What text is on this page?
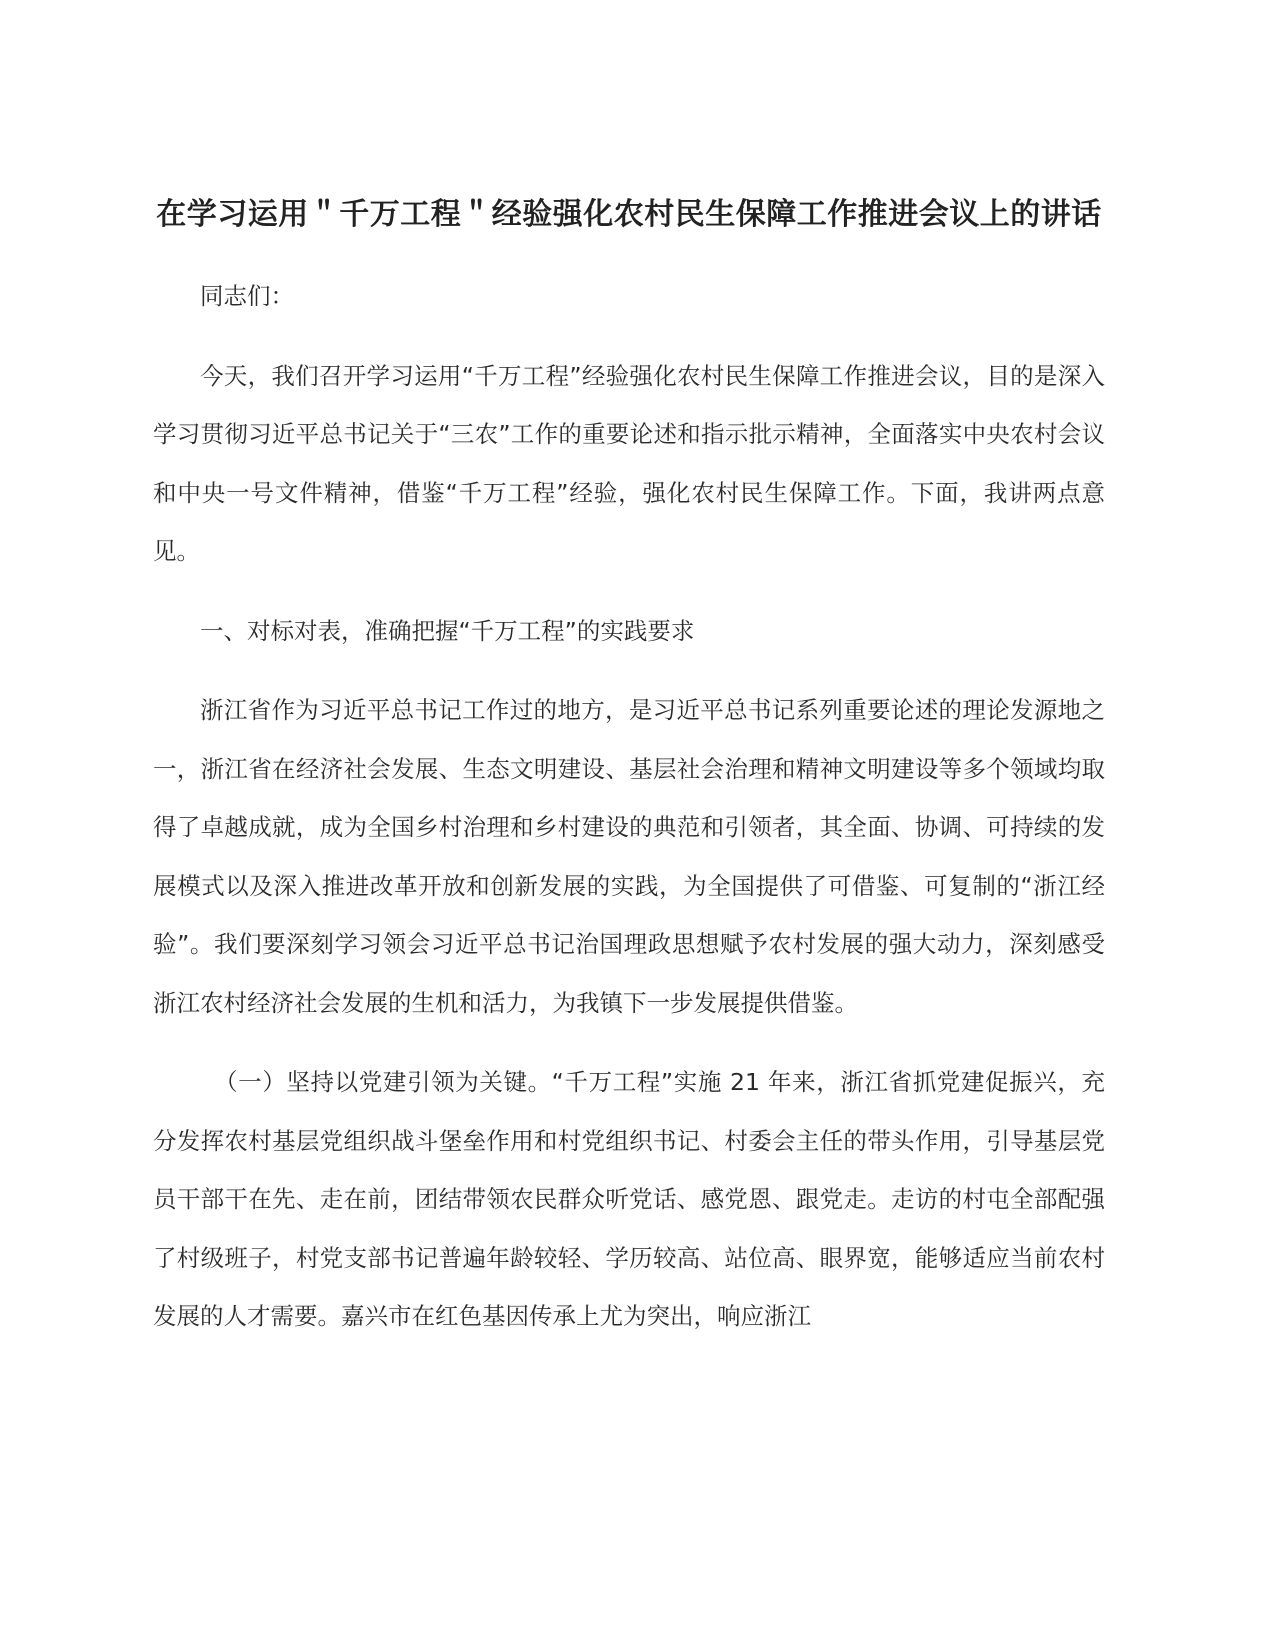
在学习运用＂千万工程＂经验强化农村民生保障工作推进会议上的讲话

同志们：

今天，我们召开学习运用“千万工程”经验强化农村民生保障工作推进会议，目的是深入学习贯彻习近平总书记关于“三农”工作的重要论述和指示批示精神，全面落实中央农村会议和中央一号文件精神，借鉴“千万工程”经验，强化农村民生保障工作。下面，我讲两点意见。

一、对标对表，准确把握“千万工程”的实践要求

浙江省作为习近平总书记工作过的地方，是习近平总书记系列重要论述的理论发源地之一，浙江省在经济社会发展、生态文明建设、基层社会治理和精神文明建设等多个领域均取得了卓越成就，成为全国乡村治理和乡村建设的典范和引领者，其全面、协调、可持续的发展模式以及深入推进改革开放和创新发展的实践，为全国提供了可借鉴、可复制的“浙江经验”。我们要深刻学习领会习近平总书记治国理政思想赋予农村发展的强大动力，深刻感受浙江农村经济社会发展的生机和活力，为我镇下一步发展提供借鉴。

（一）坚持以党建引领为关键。“千万工程”实施 21 年来，浙江省抓党建促振兴，充分发挥农村基层党组织战斗堡垒作用和村党组织书记、村委会主任的带头作用，引导基层党员干部干在先、走在前，团结带领农民群众听党话、感党恩、跟党走。走访的村屯全部配强了村级班子，村党支部书记普遍年龄较轻、学历较高、站位高、眼界宽，能够适应当前农村发展的人才需要。嘉兴市在红色基因传承上尤为突出，响应浙江
